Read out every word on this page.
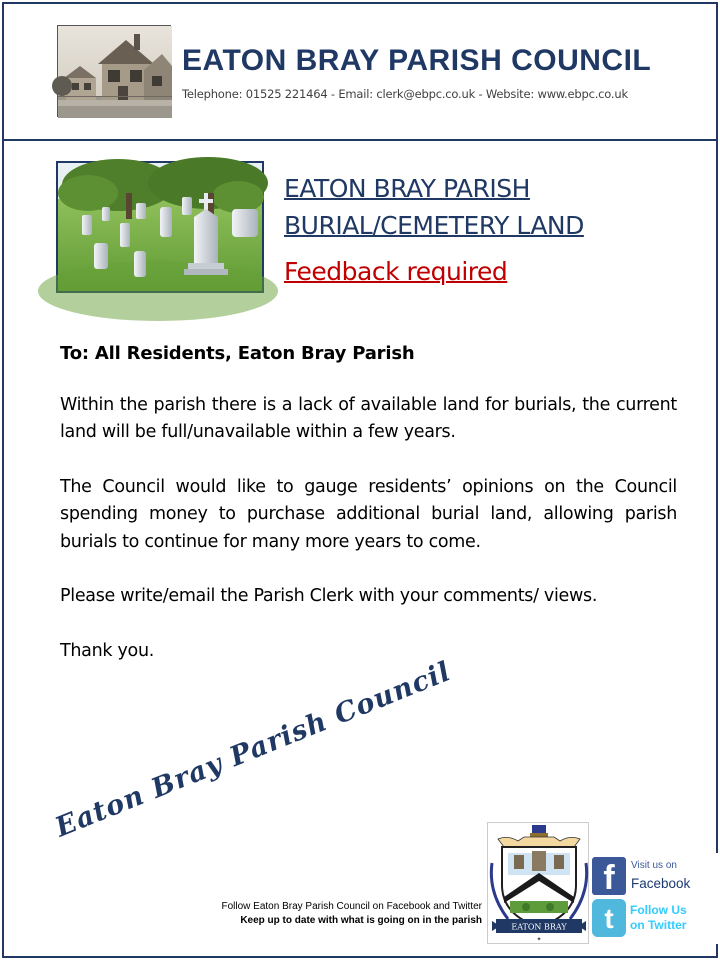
EATON BRAY PARISH COUNCIL
Telephone: 01525 221464 - Email: clerk@ebpc.co.uk - Website: www.ebpc.co.uk
EATON BRAY PARISH
BURIAL/CEMETERY LAND
Feedback required
To: All Residents, Eaton Bray Parish

Within the parish there is a lack of available land for burials, the current land will be full/unavailable within a few years.

The Council would like to gauge residents’ opinions on the Council spending money to purchase additional burial land, allowing parish burials to continue for many more years to come.

Please write/email the Parish Clerk with your comments/ views.

Thank you.

Eaton Bray Parish Council
Follow Eaton Bray Parish Council on Facebook and Twitter
Keep up to date with what is going on in the parish
EATON BRAY
✦
f	Visit us on
Facebook
t Follow Us
on Twitter
